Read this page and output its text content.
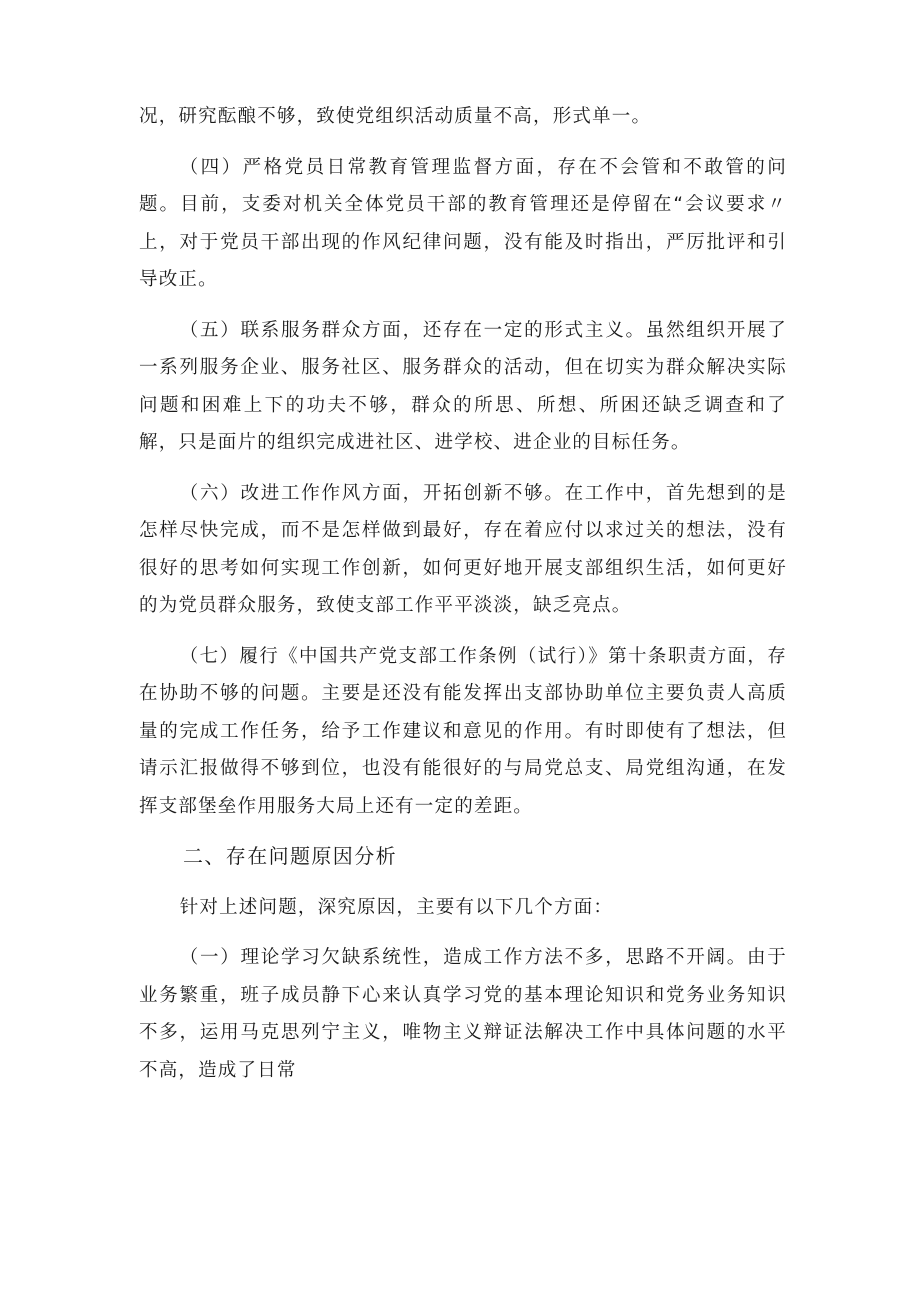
况，研究酝酿不够，致使党组织活动质量不高，形式单一。

（四）严格党员日常教育管理监督方面，存在不会管和不敢管的问题。目前，支委对机关全体党员干部的教育管理还是停留在“会议要求〃上，对于党员干部出现的作风纪律问题，没有能及时指出，严厉批评和引导改正。

（五）联系服务群众方面，还存在一定的形式主义。虽然组织开展了一系列服务企业、服务社区、服务群众的活动，但在切实为群众解决实际问题和困难上下的功夫不够，群众的所思、所想、所困还缺乏调查和了解，只是面片的组织完成进社区、进学校、进企业的目标任务。

（六）改进工作作风方面，开拓创新不够。在工作中，首先想到的是怎样尽快完成，而不是怎样做到最好，存在着应付以求过关的想法，没有很好的思考如何实现工作创新，如何更好地开展支部组织生活，如何更好的为党员群众服务，致使支部工作平平淡淡，缺乏亮点。

（七）履行《中国共产党支部工作条例（试行）》第十条职责方面，存在协助不够的问题。主要是还没有能发挥出支部协助单位主要负责人高质量的完成工作任务，给予工作建议和意见的作用。有时即使有了想法，但请示汇报做得不够到位，也没有能很好的与局党总支、局党组沟通，在发挥支部堡垒作用服务大局上还有一定的差距。

二、存在问题原因分析

针对上述问题，深究原因，主要有以下几个方面：

（一）理论学习欠缺系统性，造成工作方法不多，思路不开阔。由于业务繁重，班子成员静下心来认真学习党的基本理论知识和党务业务知识不多，运用马克思列宁主义，唯物主义辩证法解决工作中具体问题的水平不高，造成了日常
